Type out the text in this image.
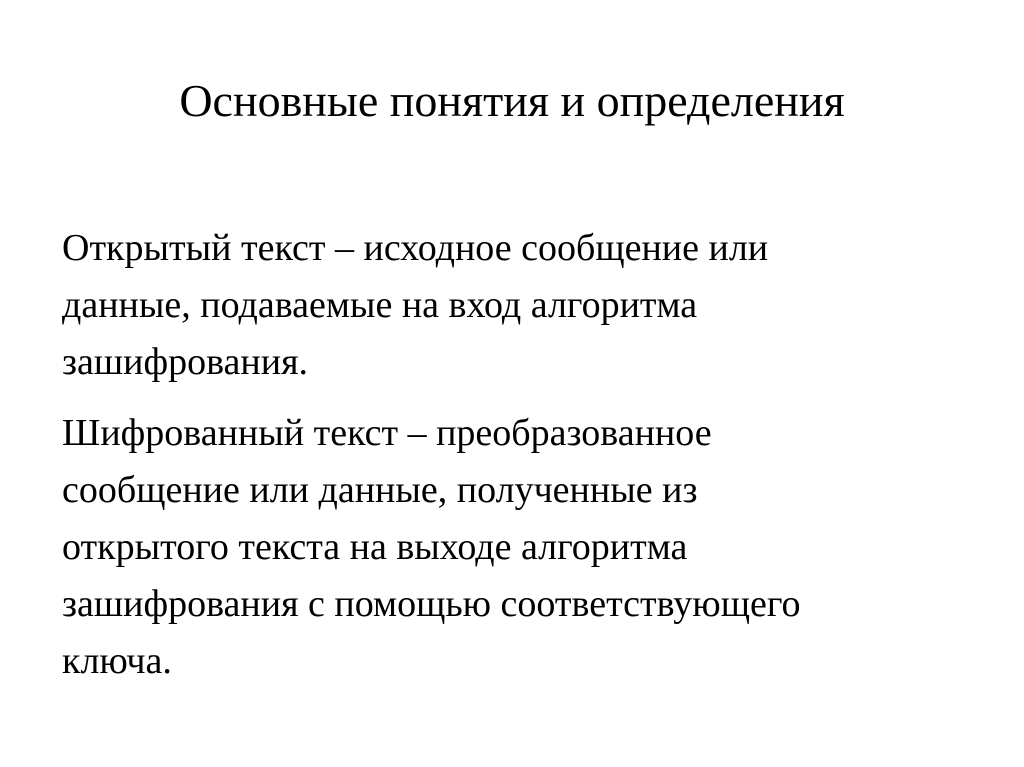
Основные понятия и определения

Открытый текст – исходное сообщение или
данные, подаваемые на вход алгоритма
зашифрования.

Шифрованный текст – преобразованное
сообщение или данные, полученные из
открытого текста на выходе алгоритма
зашифрования с помощью соответствующего
ключа.
